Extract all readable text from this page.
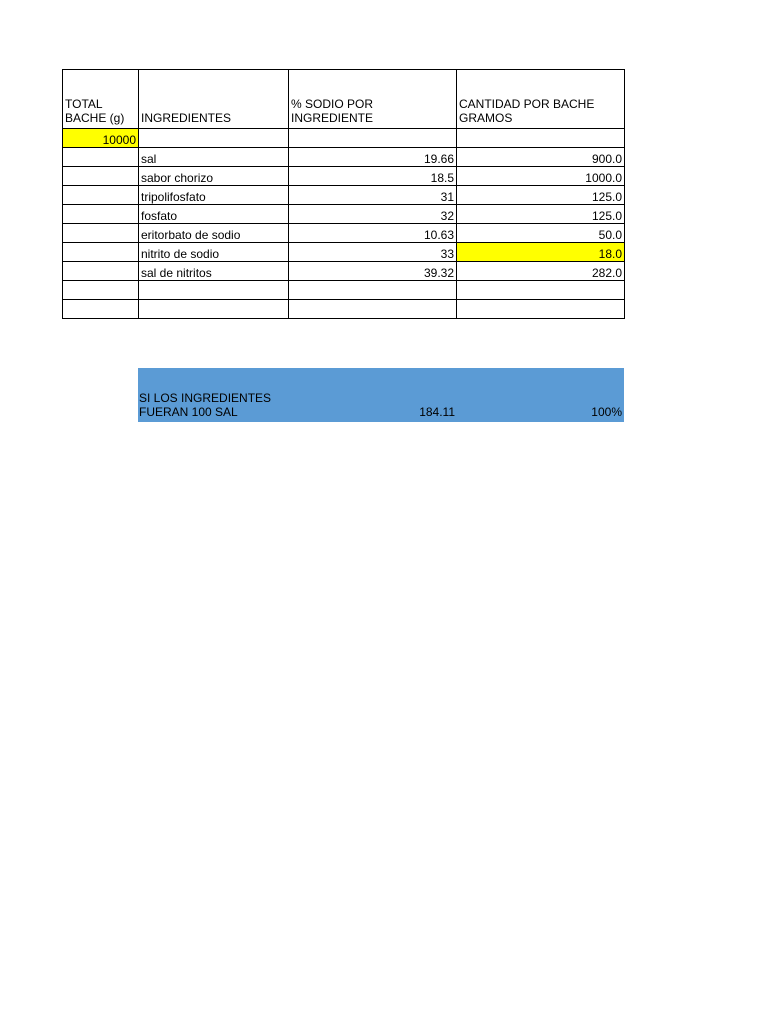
TOTAL BACHE (g)	INGREDIENTES	% SODIO POR INGREDIENTE	CANTIDAD POR BACHE GRAMOS
10000			
	sal	19.66	900.0
	sabor chorizo	18.5	1000.0
	tripolifosfato	31	125.0
	fosfato	32	125.0
	eritorbato de sodio	10.63	50.0
	nitrito de sodio	33	18.0
	sal de nitritos	39.32	282.0

SI LOS INGREDIENTES
FUERAN 100 SAL	184.11	100%
